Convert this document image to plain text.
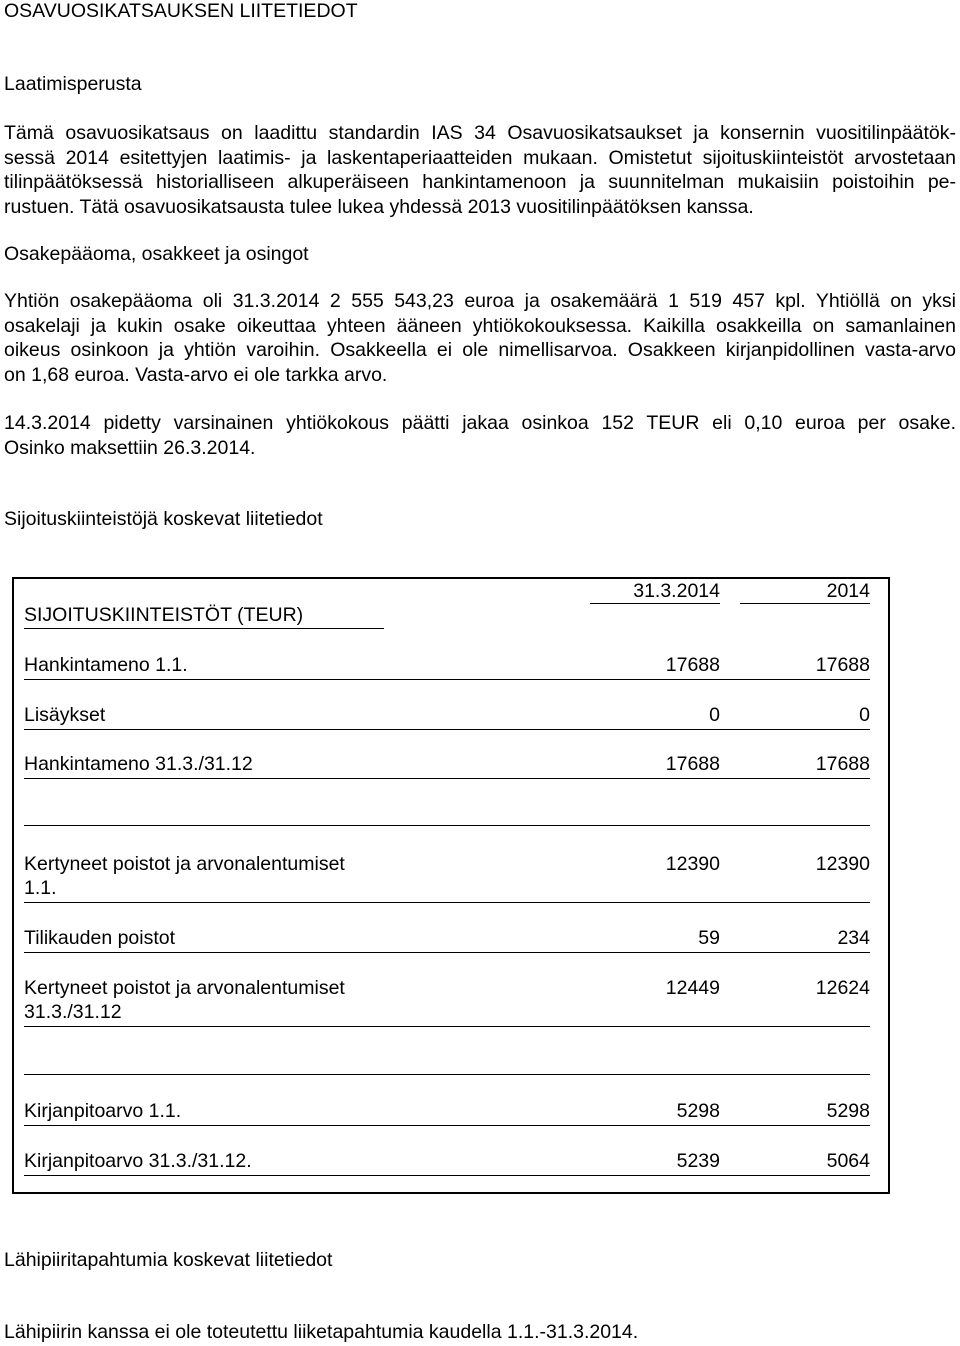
OSAVUOSIKATSAUKSEN LIITETIEDOT
Laatimisperusta
Tämä osavuosikatsaus on laadittu standardin IAS 34 Osavuosikatsaukset ja konsernin vuositilinpäätök-
sessä 2014 esitettyjen laatimis- ja laskentaperiaatteiden mukaan. Omistetut sijoituskiinteistöt arvostetaan
tilinpäätöksessä historialliseen alkuperäiseen hankintamenoon ja suunnitelman mukaisiin poistoihin pe-
rustuen. Tätä osavuosikatsausta tulee lukea yhdessä 2013 vuositilinpäätöksen kanssa.
Osakepääoma, osakkeet ja osingot
Yhtiön osakepääoma oli 31.3.2014 2 555 543,23 euroa ja osakemäärä 1 519 457 kpl. Yhtiöllä on yksi
osakelaji ja kukin osake oikeuttaa yhteen ääneen yhtiökokouksessa. Kaikilla osakkeilla on samanlainen
oikeus osinkoon ja yhtiön varoihin. Osakkeella ei ole nimellisarvoa. Osakkeen kirjanpidollinen vasta-arvo
on 1,68 euroa. Vasta-arvo ei ole tarkka arvo.
14.3.2014 pidetty varsinainen yhtiökokous päätti jakaa osinkoa 152 TEUR eli 0,10 euroa per osake.
Osinko maksettiin 26.3.2014.
Sijoituskiinteistöjä koskevat liitetiedot
31.3.2014	2014
SIJOITUSKIINTEISTÖT (TEUR)
Hankintameno 1.1.	17688	17688
Lisäykset	0	0
Hankintameno 31.3./31.12	17688	17688
Kertyneet poistot ja arvonalentumiset	12390	12390
1.1.
Tilikauden poistot	59	234
Kertyneet poistot ja arvonalentumiset	12449	12624
31.3./31.12
Kirjanpitoarvo 1.1.	5298	5298
Kirjanpitoarvo 31.3./31.12.	5239	5064
Lähipiiritapahtumia koskevat liitetiedot
Lähipiirin kanssa ei ole toteutettu liiketapahtumia kaudella 1.1.-31.3.2014.
